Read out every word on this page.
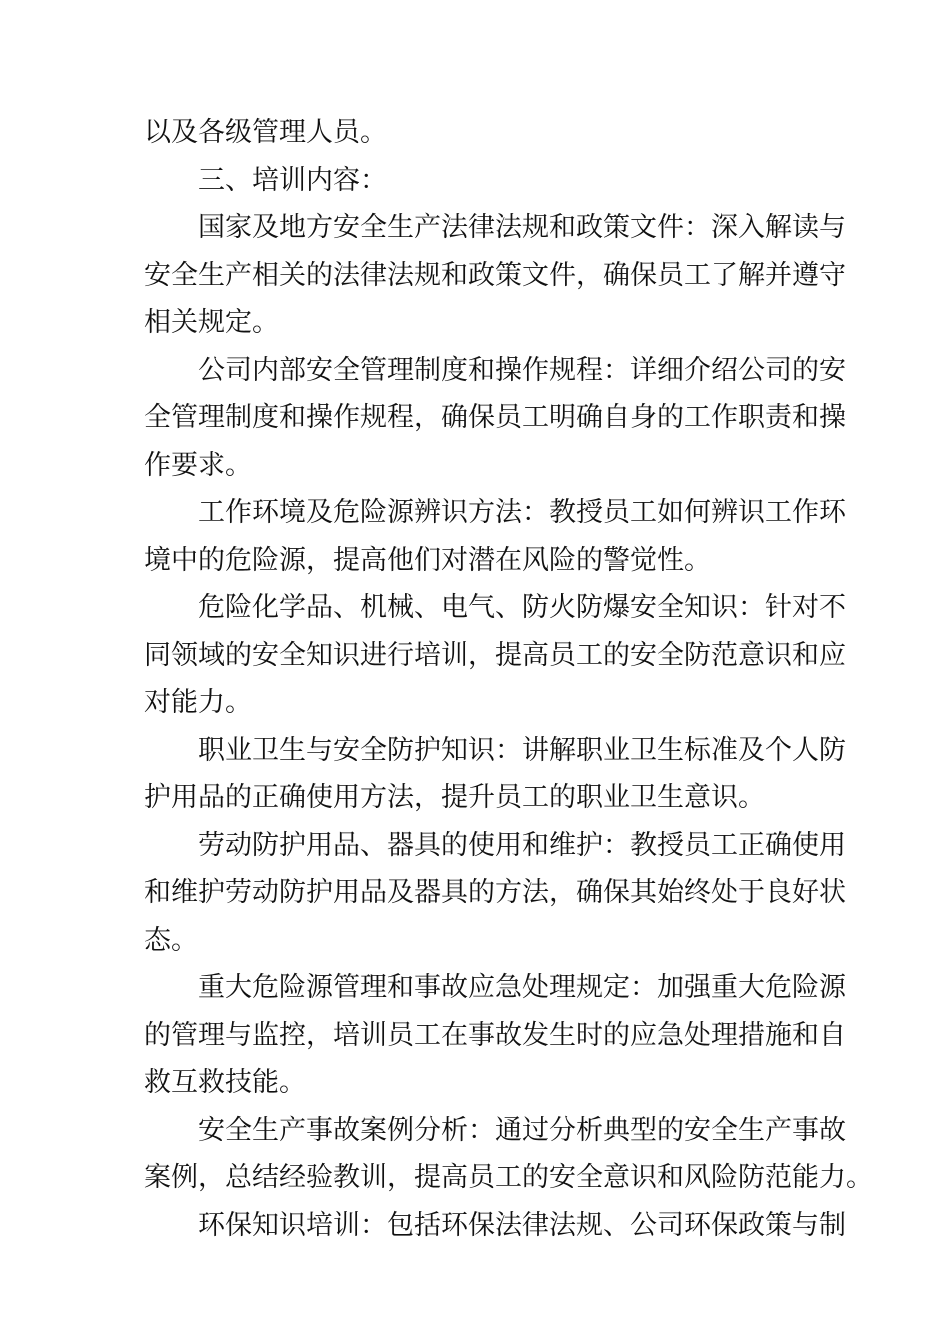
以及各级管理人员。
三、培训内容：
国家及地方安全生产法律法规和政策文件：深入解读与
安全生产相关的法律法规和政策文件，确保员工了解并遵守
相关规定。
公司内部安全管理制度和操作规程：详细介绍公司的安
全管理制度和操作规程，确保员工明确自身的工作职责和操
作要求。
工作环境及危险源辨识方法：教授员工如何辨识工作环
境中的危险源，提高他们对潜在风险的警觉性。
危险化学品、机械、电气、防火防爆安全知识：针对不
同领域的安全知识进行培训，提高员工的安全防范意识和应
对能力。
职业卫生与安全防护知识：讲解职业卫生标准及个人防
护用品的正确使用方法，提升员工的职业卫生意识。
劳动防护用品、器具的使用和维护：教授员工正确使用
和维护劳动防护用品及器具的方法，确保其始终处于良好状
态。
重大危险源管理和事故应急处理规定：加强重大危险源
的管理与监控，培训员工在事故发生时的应急处理措施和自
救互救技能。
安全生产事故案例分析：通过分析典型的安全生产事故
案例，总结经验教训，提高员工的安全意识和风险防范能力。
环保知识培训：包括环保法律法规、公司环保政策与制
